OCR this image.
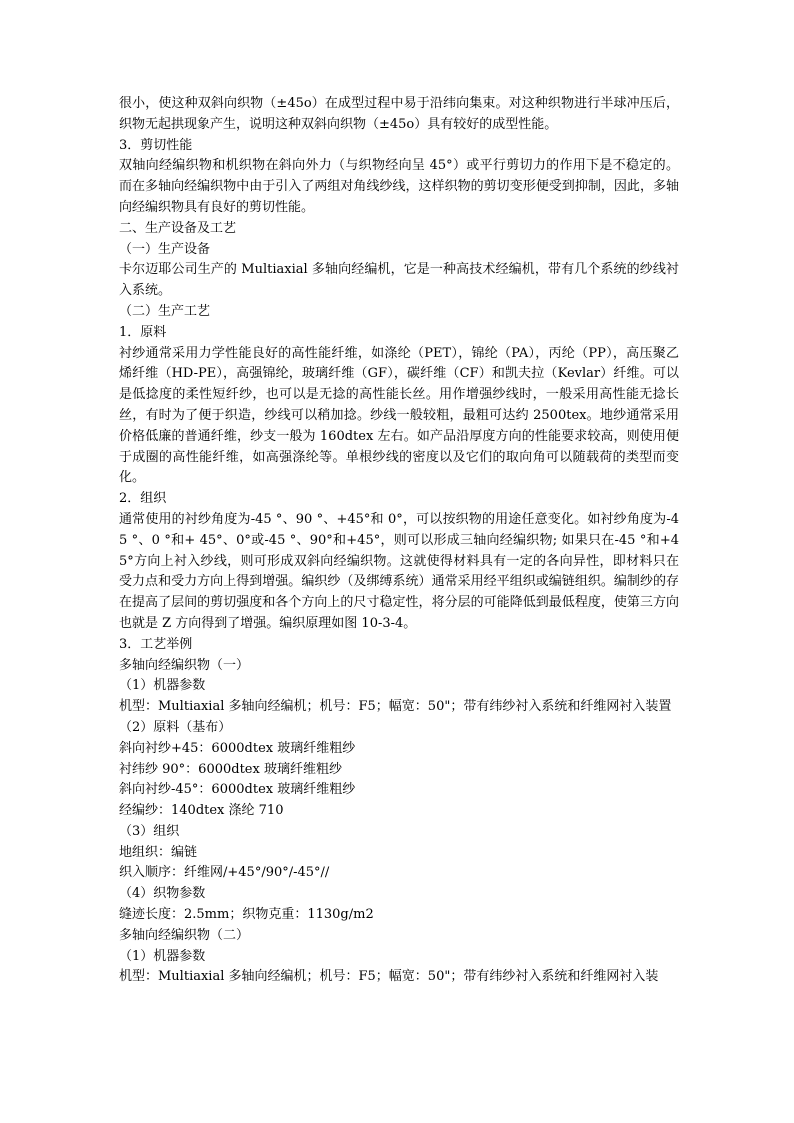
很小，使这种双斜向织物（±45o）在成型过程中易于沿纬向集束。对这种织物进行半球冲压后，织物无起拱现象产生，说明这种双斜向织物（±45o）具有较好的成型性能。

3．剪切性能

双轴向经编织物和机织物在斜向外力（与织物经向呈 45°）或平行剪切力的作用下是不稳定的。而在多轴向经编织物中由于引入了两组对角线纱线，这样织物的剪切变形便受到抑制，因此，多轴向经编织物具有良好的剪切性能。

二、生产设备及工艺

（一）生产设备

卡尔迈耶公司生产的 Multiaxial 多轴向经编机，它是一种高技术经编机，带有几个系统的纱线衬入系统。

（二）生产工艺

1．原料

衬纱通常采用力学性能良好的高性能纤维，如涤纶（PET），锦纶（PA），丙纶（PP），高压聚乙烯纤维（HD-PE），高强锦纶，玻璃纤维（GF），碳纤维（CF）和凯夫拉（Kevlar）纤维。可以是低捻度的柔性短纤纱，也可以是无捻的高性能长丝。用作增强纱线时，一般采用高性能无捻长丝，有时为了便于织造，纱线可以稍加捻。纱线一般较粗，最粗可达约 2500tex。地纱通常采用价格低廉的普通纤维，纱支一般为 160dtex 左右。如产品沿厚度方向的性能要求较高，则使用便于成圈的高性能纤维，如高强涤纶等。单根纱线的密度以及它们的取向角可以随载荷的类型而变化。

2．组织

通常使用的衬纱角度为-45 °、90 °、+45°和 0°，可以按织物的用途任意变化。如衬纱角度为-45 °、0 °和+ 45°、0°或-45 °、90°和+45°，则可以形成三轴向经编织物; 如果只在-45 °和+45°方向上衬入纱线，则可形成双斜向经编织物。这就使得材料具有一定的各向异性，即材料只在受力点和受力方向上得到增强。编织纱（及绑缚系统）通常采用经平组织或编链组织。编制纱的存在提高了层间的剪切强度和各个方向上的尺寸稳定性，将分层的可能降低到最低程度，使第三方向也就是 Z 方向得到了增强。编织原理如图 10-3-4。

3．工艺举例

多轴向经编织物（一）

（1）机器参数

机型：Multiaxial 多轴向经编机；机号：F5；幅宽：50"；带有纬纱衬入系统和纤维网衬入装置

（2）原料（基布）

斜向衬纱+45：6000dtex 玻璃纤维粗纱

衬纬纱 90°：6000dtex 玻璃纤维粗纱

斜向衬纱-45°：6000dtex 玻璃纤维粗纱

经编纱：140dtex 涤纶 710

（3）组织

地组织：编链

织入顺序：纤维网/+45°/90°/-45°//

（4）织物参数

缝迹长度：2.5mm；织物克重：1130g/m2

多轴向经编织物（二）

（1）机器参数

机型：Multiaxial 多轴向经编机；机号：F5；幅宽：50"；带有纬纱衬入系统和纤维网衬入装
